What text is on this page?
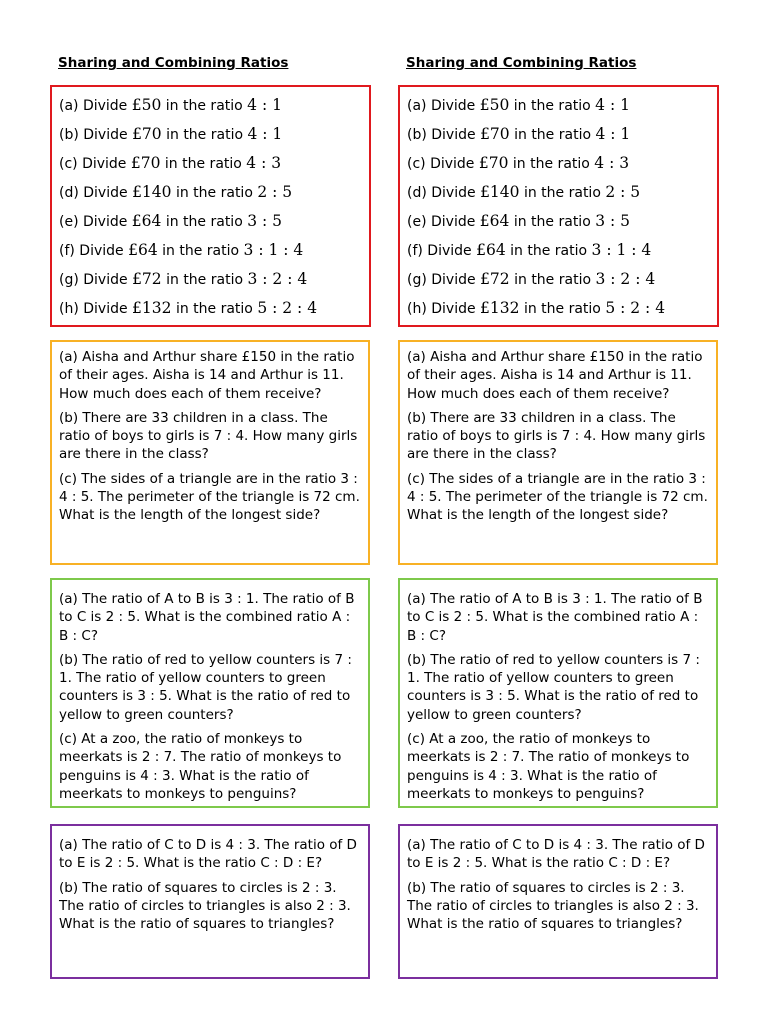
Sharing and Combining Ratios
(a) Divide £50 in the ratio 4 : 1
(b) Divide £70 in the ratio 4 : 1
(c) Divide £70 in the ratio 4 : 3
(d) Divide £140 in the ratio 2 : 5
(e) Divide £64 in the ratio 3 : 5
(f) Divide £64 in the ratio 3 : 1 : 4
(g) Divide £72 in the ratio 3 : 2 : 4
(h) Divide £132 in the ratio 5 : 2 : 4
(a) Aisha and Arthur share £150 in the ratio of their ages. Aisha is 14 and Arthur is 11. How much does each of them receive?
(b) There are 33 children in a class. The ratio of boys to girls is 7 : 4. How many girls are there in the class?
(c) The sides of a triangle are in the ratio 3 : 4 : 5. The perimeter of the triangle is 72 cm. What is the length of the longest side?
(a) The ratio of A to B is 3 : 1. The ratio of B to C is 2 : 5. What is the combined ratio A : B : C?
(b) The ratio of red to yellow counters is 7 : 1. The ratio of yellow counters to green counters is 3 : 5. What is the ratio of red to yellow to green counters?
(c) At a zoo, the ratio of monkeys to meerkats is 2 : 7. The ratio of monkeys to penguins is 4 : 3. What is the ratio of meerkats to monkeys to penguins?
(a) The ratio of C to D is 4 : 3. The ratio of D to E is 2 : 5. What is the ratio C : D : E?
(b) The ratio of squares to circles is 2 : 3. The ratio of circles to triangles is also 2 : 3. What is the ratio of squares to triangles?
Sharing and Combining Ratios
(a) Divide £50 in the ratio 4 : 1
(b) Divide £70 in the ratio 4 : 1
(c) Divide £70 in the ratio 4 : 3
(d) Divide £140 in the ratio 2 : 5
(e) Divide £64 in the ratio 3 : 5
(f) Divide £64 in the ratio 3 : 1 : 4
(g) Divide £72 in the ratio 3 : 2 : 4
(h) Divide £132 in the ratio 5 : 2 : 4
(a) Aisha and Arthur share £150 in the ratio of their ages. Aisha is 14 and Arthur is 11. How much does each of them receive?
(b) There are 33 children in a class. The ratio of boys to girls is 7 : 4. How many girls are there in the class?
(c) The sides of a triangle are in the ratio 3 : 4 : 5. The perimeter of the triangle is 72 cm. What is the length of the longest side?
(a) The ratio of A to B is 3 : 1. The ratio of B to C is 2 : 5. What is the combined ratio A : B : C?
(b) The ratio of red to yellow counters is 7 : 1. The ratio of yellow counters to green counters is 3 : 5. What is the ratio of red to yellow to green counters?
(c) At a zoo, the ratio of monkeys to meerkats is 2 : 7. The ratio of monkeys to penguins is 4 : 3. What is the ratio of meerkats to monkeys to penguins?
(a) The ratio of C to D is 4 : 3. The ratio of D to E is 2 : 5. What is the ratio C : D : E?
(b) The ratio of squares to circles is 2 : 3. The ratio of circles to triangles is also 2 : 3. What is the ratio of squares to triangles?
